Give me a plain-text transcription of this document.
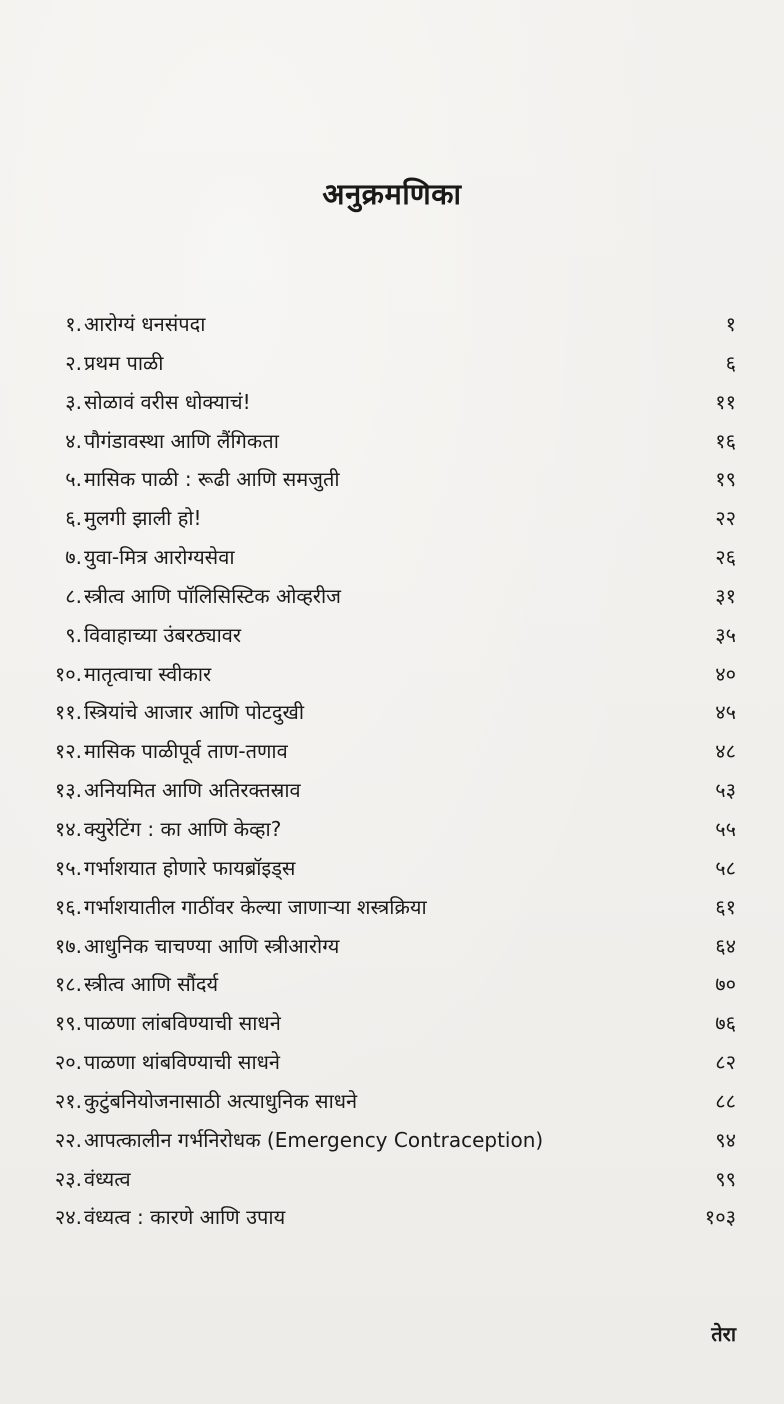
अनुक्रमणिका
१. आरोग्यं धनसंपदा	१
२. प्रथम पाळी	६
३. सोळावं वरीस धोक्याचं!	११
४. पौगंडावस्था आणि लैंगिकता	१६
५. मासिक पाळी : रूढी आणि समजुती	१९
६. मुलगी झाली हो!	२२
७. युवा-मित्र आरोग्यसेवा	२६
८. स्त्रीत्व आणि पॉलिसिस्टिक ओव्हरीज	३१
९. विवाहाच्या उंबरठ्यावर	३५
१०. मातृत्वाचा स्वीकार	४०
११. स्त्रियांचे आजार आणि पोटदुखी	४५
१२. मासिक पाळीपूर्व ताण-तणाव	४८
१३. अनियमित आणि अतिरक्तस्राव	५३
१४. क्युरेटिंग : का आणि केव्हा?	५५
१५. गर्भाशयात होणारे फायब्रॉइड्स	५८
१६. गर्भाशयातील गाठींवर केल्या जाणाऱ्या शस्त्रक्रिया	६१
१७. आधुनिक चाचण्या आणि स्त्रीआरोग्य	६४
१८. स्त्रीत्व आणि सौंदर्य	७०
१९. पाळणा लांबविण्याची साधने	७६
२०. पाळणा थांबविण्याची साधने	८२
२१. कुटुंबनियोजनासाठी अत्याधुनिक साधने	८८
२२. आपत्कालीन गर्भनिरोधक (Emergency Contraception)	९४
२३. वंध्यत्व	९९
२४. वंध्यत्व : कारणे आणि उपाय	१०३
तेरा
